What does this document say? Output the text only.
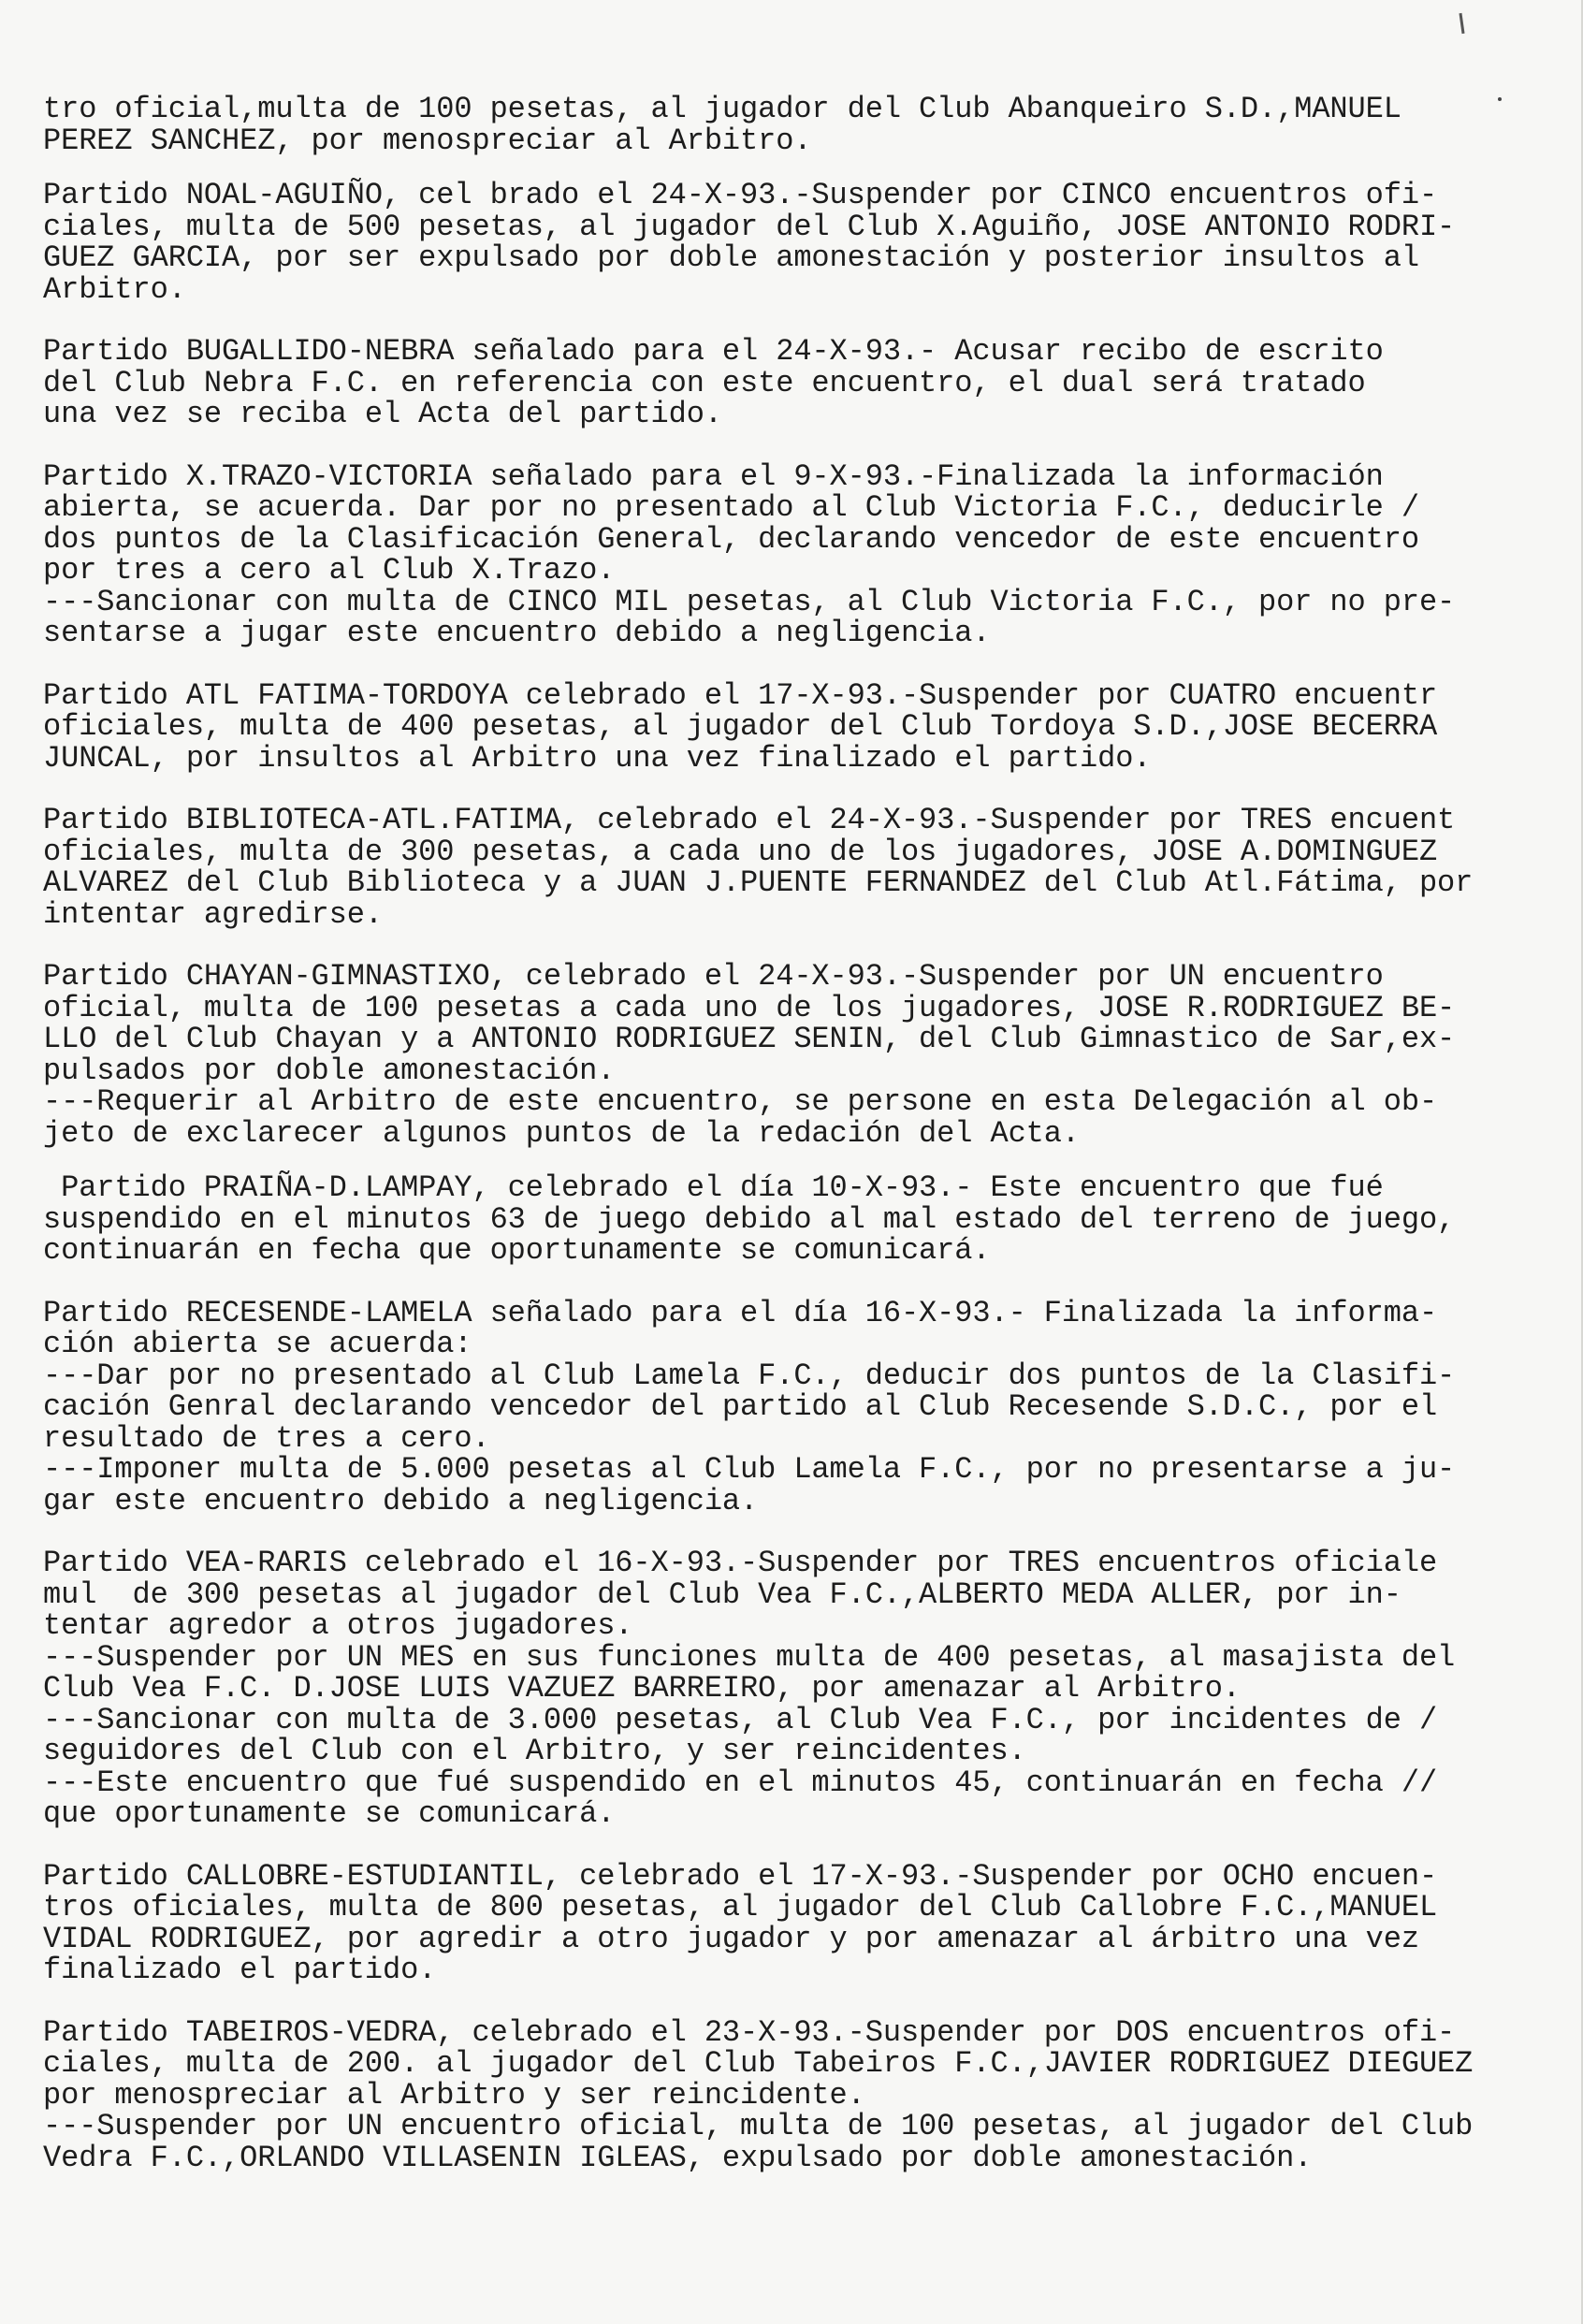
tro oficial,multa de 100 pesetas, al jugador del Club Abanqueiro S.D.,MANUEL
PEREZ SANCHEZ, por menospreciar al Arbitro.
Partido NOAL-AGUIÑO, cel brado el 24-X-93.-Suspender por CINCO encuentros ofi-
ciales, multa de 500 pesetas, al jugador del Club X.Aguiño, JOSE ANTONIO RODRI-
GUEZ GARCIA, por ser expulsado por doble amonestación y posterior insultos al
Arbitro.
Partido BUGALLIDO-NEBRA señalado para el 24-X-93.- Acusar recibo de escrito
del Club Nebra F.C. en referencia con este encuentro, el dual será tratado
una vez se reciba el Acta del partido.
Partido X.TRAZO-VICTORIA señalado para el 9-X-93.-Finalizada la información
abierta, se acuerda. Dar por no presentado al Club Victoria F.C., deducirle /
dos puntos de la Clasificación General, declarando vencedor de este encuentro
por tres a cero al Club X.Trazo.
---Sancionar con multa de CINCO MIL pesetas, al Club Victoria F.C., por no pre-
sentarse a jugar este encuentro debido a negligencia.
Partido ATL FATIMA-TORDOYA celebrado el 17-X-93.-Suspender por CUATRO encuentr
oficiales, multa de 400 pesetas, al jugador del Club Tordoya S.D.,JOSE BECERRA
JUNCAL, por insultos al Arbitro una vez finalizado el partido.
Partido BIBLIOTECA-ATL.FATIMA, celebrado el 24-X-93.-Suspender por TRES encuent
oficiales, multa de 300 pesetas, a cada uno de los jugadores, JOSE A.DOMINGUEZ
ALVAREZ del Club Biblioteca y a JUAN J.PUENTE FERNANDEZ del Club Atl.Fátima, por
intentar agredirse.
Partido CHAYAN-GIMNASTIXO, celebrado el 24-X-93.-Suspender por UN encuentro
oficial, multa de 100 pesetas a cada uno de los jugadores, JOSE R.RODRIGUEZ BE-
LLO del Club Chayan y a ANTONIO RODRIGUEZ SENIN, del Club Gimnastico de Sar,ex-
pulsados por doble amonestación.
---Requerir al Arbitro de este encuentro, se persone en esta Delegación al ob-
jeto de exclarecer algunos puntos de la redación del Acta.
Partido PRAIÑA-D.LAMPAY, celebrado el día 10-X-93.- Este encuentro que fué
suspendido en el minutos 63 de juego debido al mal estado del terreno de juego,
continuarán en fecha que oportunamente se comunicará.
Partido RECESENDE-LAMELA señalado para el día 16-X-93.- Finalizada la informa-
ción abierta se acuerda:
---Dar por no presentado al Club Lamela F.C., deducir dos puntos de la Clasifi-
cación Genral declarando vencedor del partido al Club Recesende S.D.C., por el
resultado de tres a cero.
---Imponer multa de 5.000 pesetas al Club Lamela F.C., por no presentarse a ju-
gar este encuentro debido a negligencia.
Partido VEA-RARIS celebrado el 16-X-93.-Suspender por TRES encuentros oficiale
mul  de 300 pesetas al jugador del Club Vea F.C.,ALBERTO MEDA ALLER, por in-
tentar agredor a otros jugadores.
---Suspender por UN MES en sus funciones multa de 400 pesetas, al masajista del
Club Vea F.C. D.JOSE LUIS VAZUEZ BARREIRO, por amenazar al Arbitro.
---Sancionar con multa de 3.000 pesetas, al Club Vea F.C., por incidentes de /
seguidores del Club con el Arbitro, y ser reincidentes.
---Este encuentro que fué suspendido en el minutos 45, continuarán en fecha //
que oportunamente se comunicará.
Partido CALLOBRE-ESTUDIANTIL, celebrado el 17-X-93.-Suspender por OCHO encuen-
tros oficiales, multa de 800 pesetas, al jugador del Club Callobre F.C.,MANUEL
VIDAL RODRIGUEZ, por agredir a otro jugador y por amenazar al árbitro una vez
finalizado el partido.
Partido TABEIROS-VEDRA, celebrado el 23-X-93.-Suspender por DOS encuentros ofi-
ciales, multa de 200. al jugador del Club Tabeiros F.C.,JAVIER RODRIGUEZ DIEGUEZ
por menospreciar al Arbitro y ser reincidente.
---Suspender por UN encuentro oficial, multa de 100 pesetas, al jugador del Club
Vedra F.C.,ORLANDO VILLASENIN IGLEAS, expulsado por doble amonestación.
